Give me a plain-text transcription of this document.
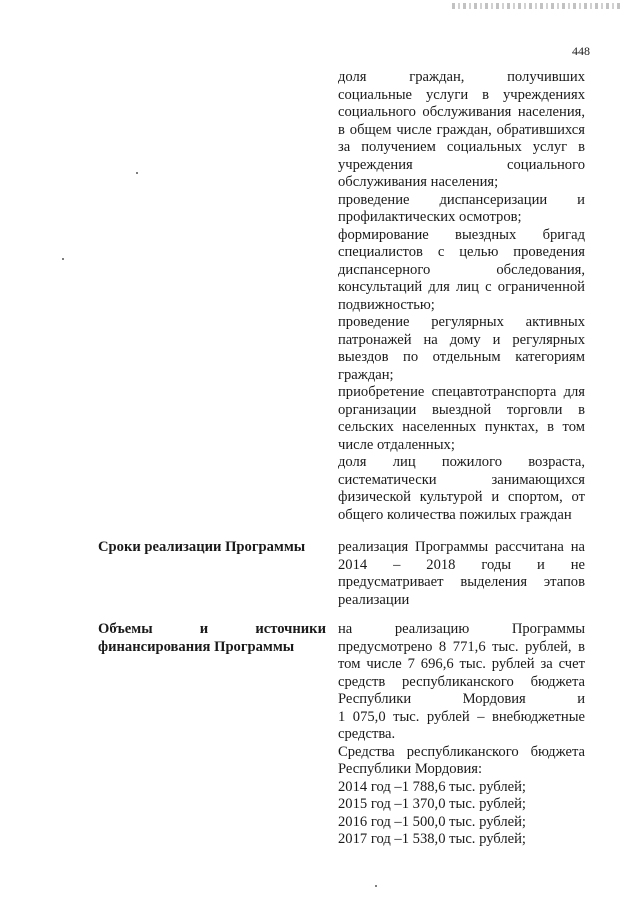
448
доля граждан, получивших
социальные услуги в учреждениях
социального обслуживания населения,
в общем числе граждан, обратившихся
за получением социальных услуг в
учреждения социального
обслуживания населения;
проведение диспансеризации и
профилактических осмотров;
формирование выездных бригад
специалистов с целью проведения
диспансерного обследования,
консультаций для лиц с ограниченной
подвижностью;
проведение регулярных активных
патронажей на дому и регулярных
выездов по отдельным категориям
граждан;
приобретение спецавтотранспорта для
организации выездной торговли в
сельских населенных пунктах, в том
числе отдаленных;
доля лиц пожилого возраста,
систематически занимающихся
физической культурой и спортом, от
общего количества пожилых граждан
Сроки реализации Программы	реализация Программы рассчитана на
2014 – 2018 годы и не
предусматривает выделения этапов
реализации
Объемы и источники
финансирования Программы
на реализацию Программы
предусмотрено 8 771,6 тыс. рублей, в
том числе 7 696,6 тыс. рублей за счет
средств республиканского бюджета
Республики Мордовия и
1 075,0 тыс. рублей – внебюджетные
средства.
Средства республиканского бюджета
Республики Мордовия:
2014 год –1 788,6 тыс. рублей;
2015 год –1 370,0 тыс. рублей;
2016 год –1 500,0 тыс. рублей;
2017 год –1 538,0 тыс. рублей;
